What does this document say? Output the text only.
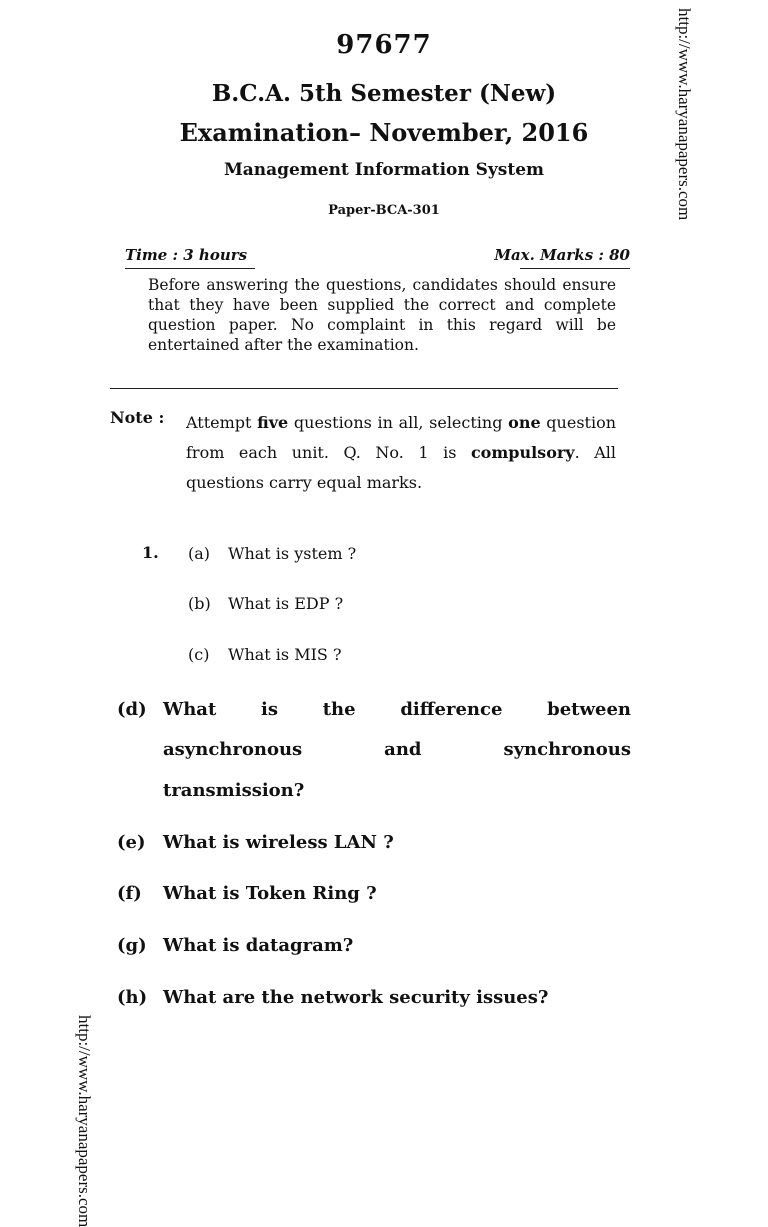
97677
B.C.A. 5th Semester (New)
Examination– November, 2016
Management Information System
Paper-BCA-301
Time : 3 hours	Max. Marks : 80
Before answering the questions, candidates should ensure that they have been supplied the correct and complete question paper. No complaint in this regard will be entertained after the examination.
Note : Attempt five questions in all, selecting one question from each unit. Q. No. 1 is compulsory. All questions carry equal marks.
1. (a) What is ystem ?
(b) What is EDP ?
(c) What is MIS ?
(d) What is the difference between
asynchronous and synchronous
transmission?
(e) What is wireless LAN ?
(f) What is Token Ring ?
(g) What is datagram?
(h) What are the network security issues?
http://www.haryanapapers.com
http://www.haryanapapers.com
